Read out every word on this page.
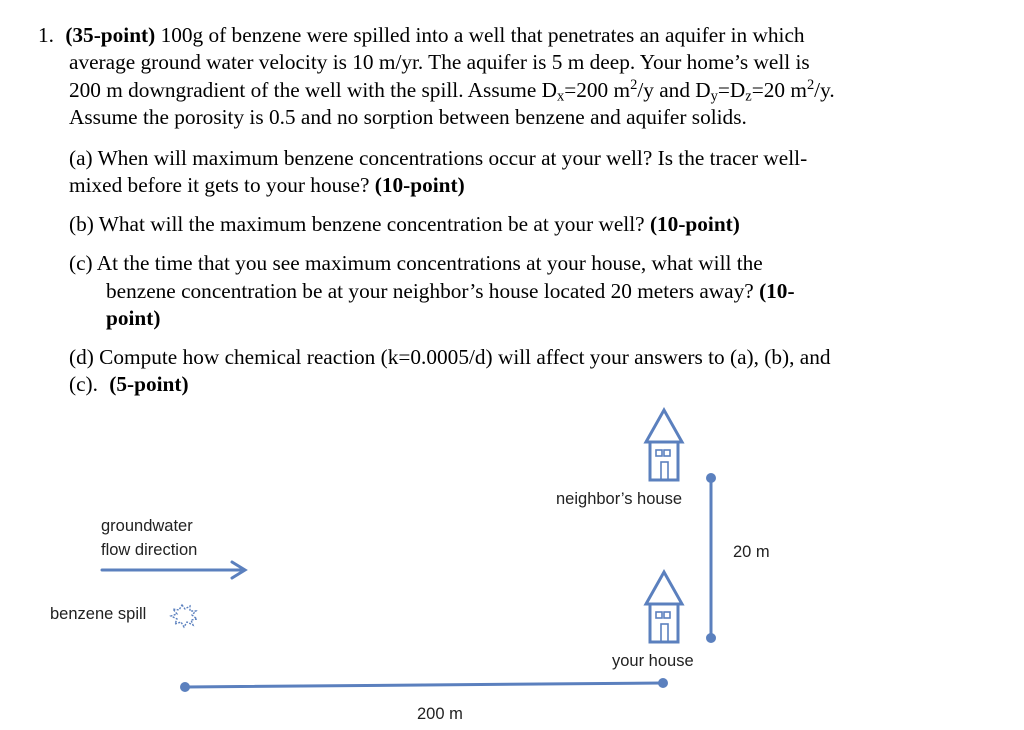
1. (35-point) 100g of benzene were spilled into a well that penetrates an aquifer in which
average ground water velocity is 10 m/yr. The aquifer is 5 m deep. Your home’s well is
200 m downgradient of the well with the spill. Assume $D_x=200$ $m^2/y$ and $D_y=D_z=20$ $m^2/y$.
Assume the porosity is 0.5 and no sorption between benzene and aquifer solids.
(a) When will maximum benzene concentrations occur at your well? Is the tracer well-
mixed before it gets to your house? (10-point)
(b) What will the maximum benzene concentration be at your well? (10-point)
(c) At the time that you see maximum concentrations at your house, what will the
benzene concentration be at your neighbor’s house located 20 meters away? (10-
point)
(d) Compute how chemical reaction (k=0.0005/d) will affect your answers to (a), (b), and
(c). (5-point)
groundwater
flow direction
benzene spill
neighbor’s house
your house
20 m
200 m
